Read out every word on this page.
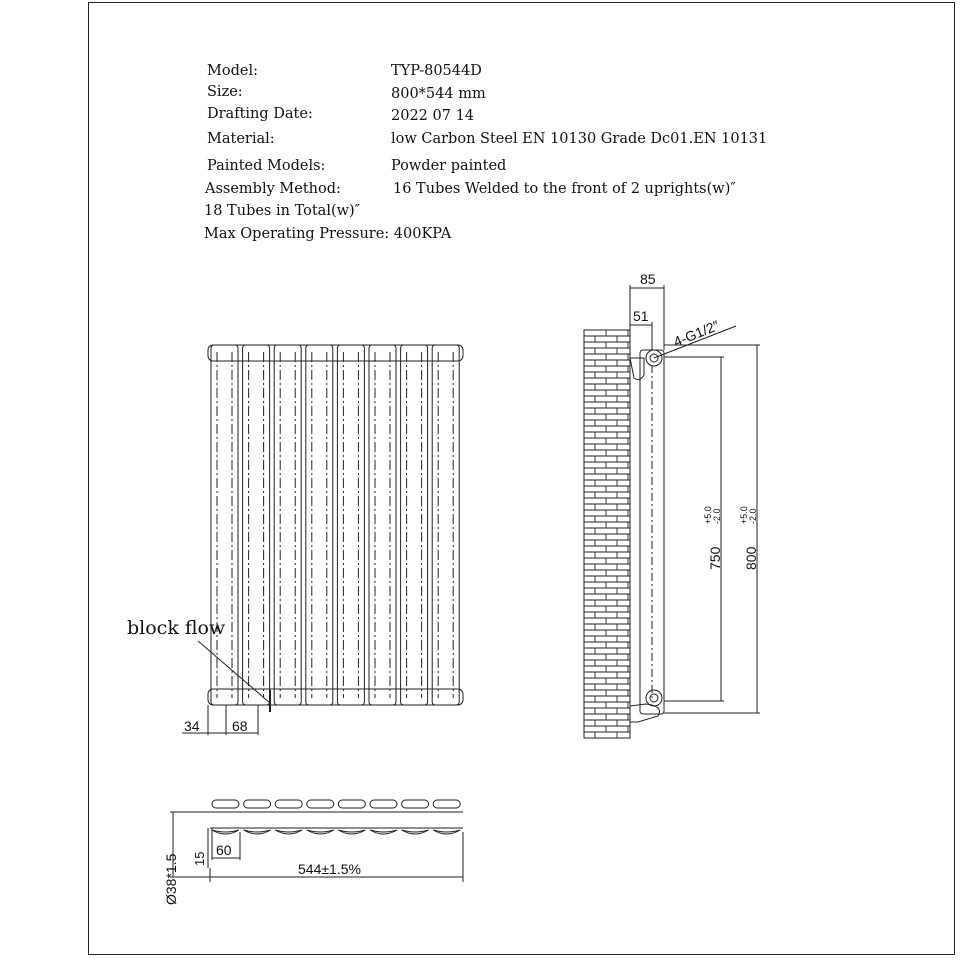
Model:	TYP-80544D
Size:	800*544 mm
Drafting Date:	2022 07 14
Material:	low Carbon Steel EN 10130 Grade Dc01.EN 10131
Painted Models:	Powder painted
Assembly Method:	16 Tubes Welded to the front of 2 uprights(w)″
18 Tubes in Total(w)″
Max Operating Pressure: 400KPA
block flow
34 68
85
51
4-G1/2″
750
+5.0 -2.0
800
+5.0 -2.0
Ø38*1.5 15
60
544±1.5%
